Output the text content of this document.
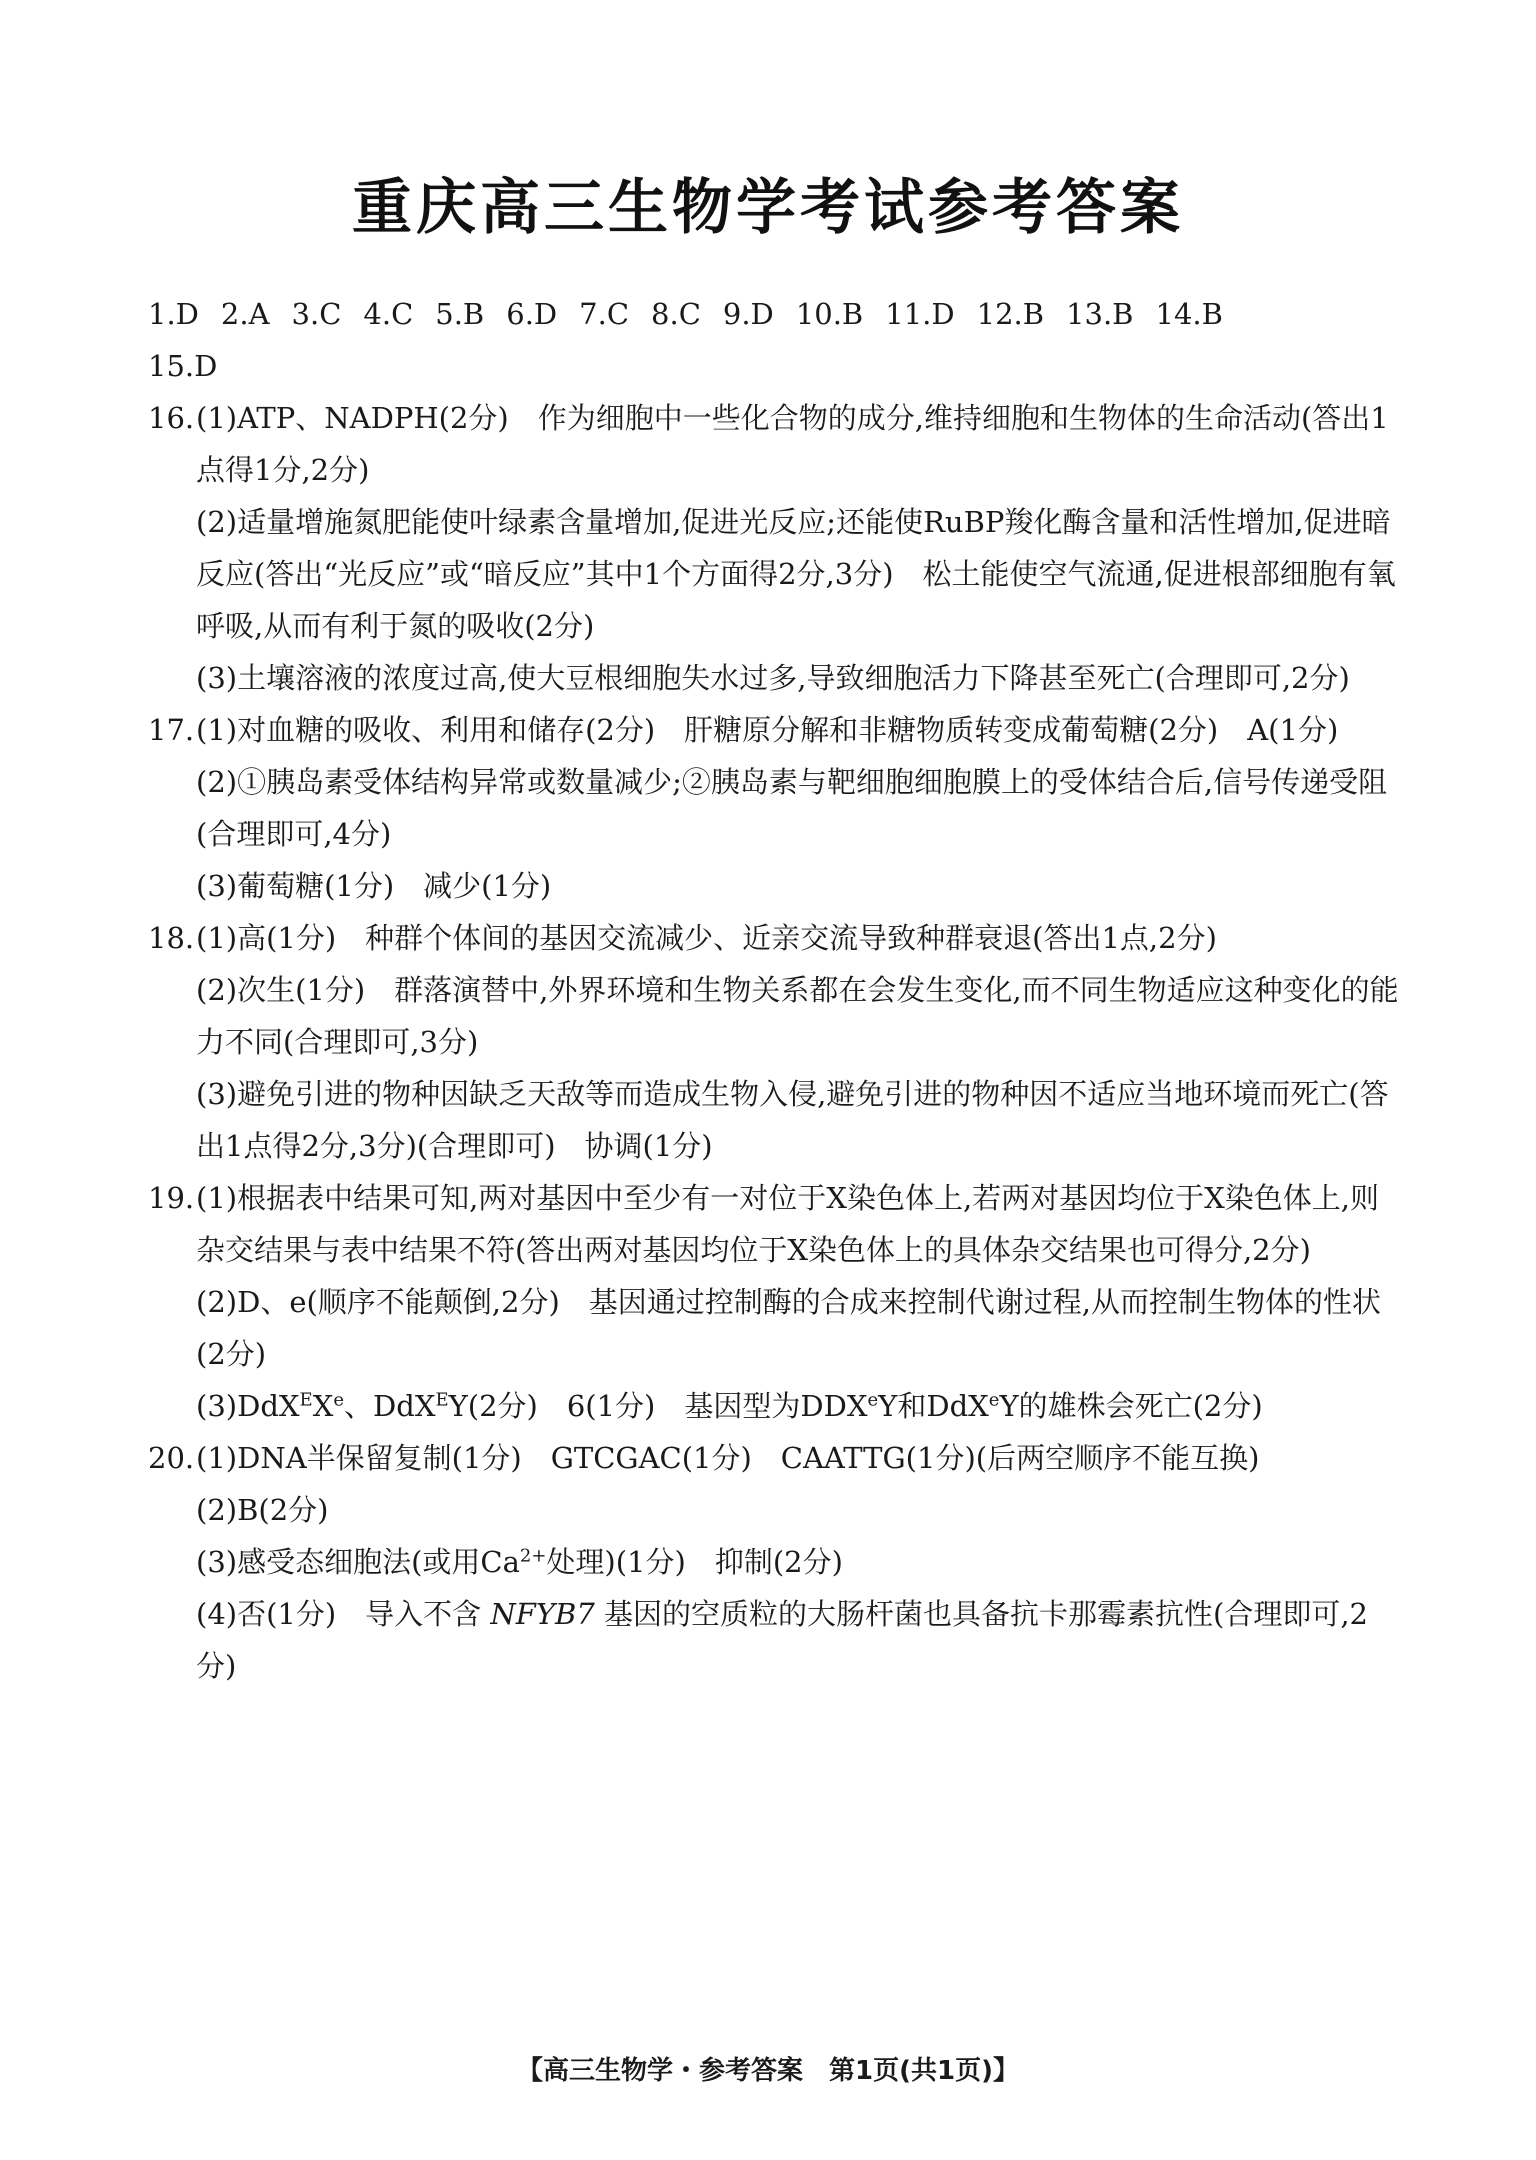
重庆高三生物学考试参考答案
1.D 2.A 3.C 4.C 5.B 6.D 7.C 8.C 9.D 10.B 11.D 12.B 13.B 14.B
15.D
16. (1)ATP、NADPH(2分)　作为细胞中一些化合物的成分,维持细胞和生物体的生命活动(答出1点得1分,2分)
(2)适量增施氮肥能使叶绿素含量增加,促进光反应;还能使RuBP羧化酶含量和活性增加,促进暗反应(答出“光反应”或“暗反应”其中1个方面得2分,3分)　松土能使空气流通,促进根部细胞有氧呼吸,从而有利于氮的吸收(2分)
(3)土壤溶液的浓度过高,使大豆根细胞失水过多,导致细胞活力下降甚至死亡(合理即可,2分)
17. (1)对血糖的吸收、利用和储存(2分)　肝糖原分解和非糖物质转变成葡萄糖(2分)　A(1分)
(2)①胰岛素受体结构异常或数量减少;②胰岛素与靶细胞细胞膜上的受体结合后,信号传递受阻(合理即可,4分)
(3)葡萄糖(1分)　减少(1分)
18. (1)高(1分)　种群个体间的基因交流减少、近亲交流导致种群衰退(答出1点,2分)
(2)次生(1分)　群落演替中,外界环境和生物关系都在会发生变化,而不同生物适应这种变化的能力不同(合理即可,3分)
(3)避免引进的物种因缺乏天敌等而造成生物入侵,避免引进的物种因不适应当地环境而死亡(答出1点得2分,3分)(合理即可)　协调(1分)
19. (1)根据表中结果可知,两对基因中至少有一对位于X染色体上,若两对基因均位于X染色体上,则杂交结果与表中结果不符(答出两对基因均位于X染色体上的具体杂交结果也可得分,2分)
(2)D、e(顺序不能颠倒,2分)　基因通过控制酶的合成来控制代谢过程,从而控制生物体的性状(2分)
(3)DdX$^E$Xe、DdX$^E$Y(2分)　6(1分)　基因型为DDXeY和DdX$^e$Y的雄株会死亡(2分)
20. (1)DNA半保留复制(1分)　GTCGAC(1分)　CAATTG(1分)(后两空顺序不能互换)
(2)B(2分)
(3)感受态细胞法(或用$Ca^{2+}$处理)(1分)　抑制(2分)
(4)否(1分)　导入不含 NFYB7 基因的空质粒的大肠杆菌也具备抗卡那霉素抗性(合理即可,2分)
【高三生物学・参考答案　第1页(共1页)】
